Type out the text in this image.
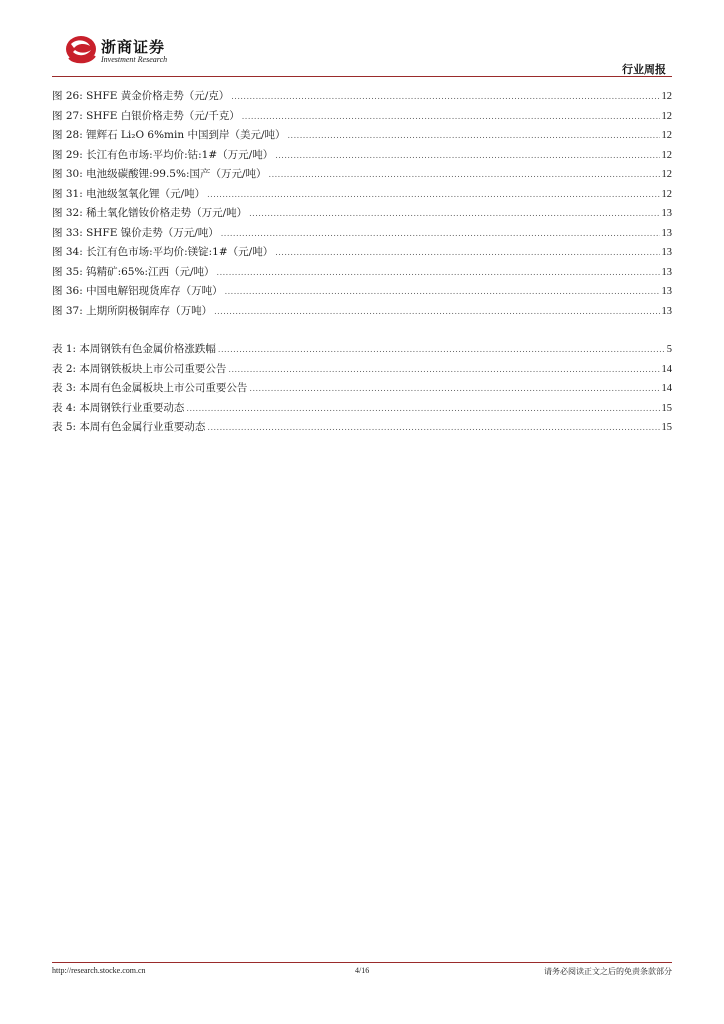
浙商证券
Investment Research
行业周报
图 26: SHFE 黄金价格走势（元/克） .....	12
图 27: SHFE 白银价格走势（元/千克） .....	12
图 28: 锂辉石 Li₂O 6%min 中国到岸（美元/吨） .....	12
图 29: 长江有色市场:平均价:钴:1#（万元/吨） .....	12
图 30: 电池级碳酸锂:99.5%:国产（万元/吨） .....	12
图 31: 电池级氢氧化锂（元/吨） .....	12
图 32: 稀土氧化镨钕价格走势（万元/吨） .....	13
图 33: SHFE 镍价走势（万元/吨） .....	13
图 34: 长江有色市场:平均价:镁锭:1#（元/吨） .....	13
图 35: 钨精矿:65%:江西（元/吨） .....	13
图 36: 中国电解铝现货库存（万吨） .....	13
图 37: 上期所阴极铜库存（万吨） .....	13
表 1: 本周钢铁有色金属价格涨跌幅 .....	5
表 2: 本周钢铁板块上市公司重要公告 .....	14
表 3: 本周有色金属板块上市公司重要公告 .....	14
表 4: 本周钢铁行业重要动态 .....	15
表 5: 本周有色金属行业重要动态 .....	15
http://research.stocke.com.cn	4/16	请务必阅读正文之后的免责条款部分
